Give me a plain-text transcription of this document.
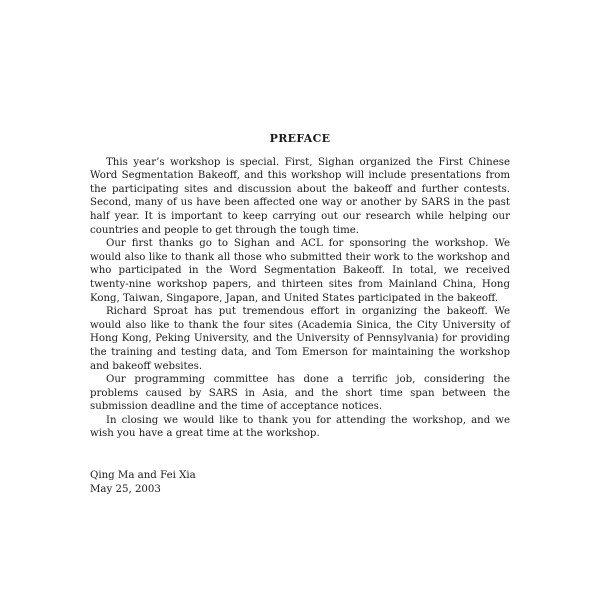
PREFACE

This year’s workshop is special. First, Sighan organized the First Chinese Word Segmentation Bakeoff, and this workshop will include presentations from the participating sites and discussion about the bakeoff and further contests. Second, many of us have been affected one way or another by SARS in the past half year. It is important to keep carrying out our research while helping our countries and people to get through the tough time.

Our first thanks go to Sighan and ACL for sponsoring the workshop. We would also like to thank all those who submitted their work to the workshop and who participated in the Word Segmentation Bakeoff. In total, we received twenty-nine workshop papers, and thirteen sites from Mainland China, Hong Kong, Taiwan, Singapore, Japan, and United States participated in the bakeoff.

Richard Sproat has put tremendous effort in organizing the bakeoff. We would also like to thank the four sites (Academia Sinica, the City University of Hong Kong, Peking University, and the University of Pennsylvania) for providing the training and testing data, and Tom Emerson for maintaining the workshop and bakeoff websites.

Our programming committee has done a terrific job, considering the problems caused by SARS in Asia, and the short time span between the submission deadline and the time of acceptance notices.

In closing we would like to thank you for attending the workshop, and we wish you have a great time at the workshop.

Qing Ma and Fei Xia
May 25, 2003
